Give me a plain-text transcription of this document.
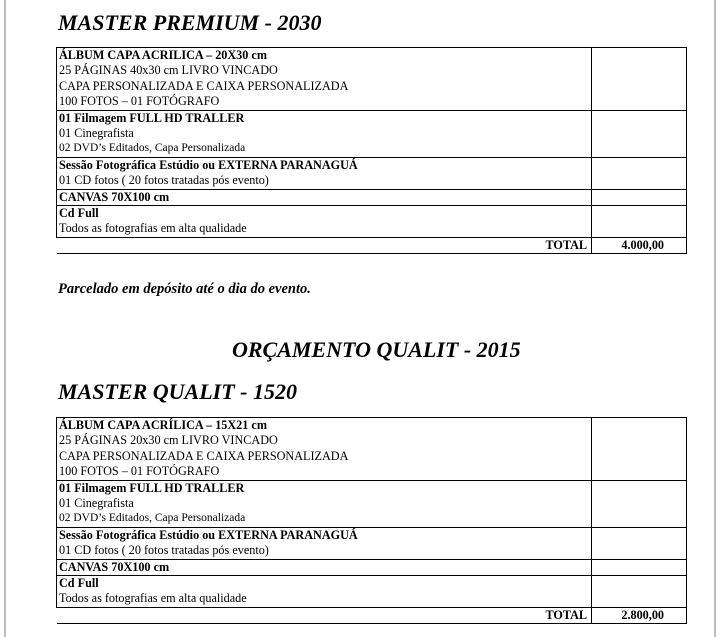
MASTER PREMIUM - 2030
ÁLBUM CAPA ACRILICA – 20X30 cm
25 PÁGINAS 40x30 cm LIVRO VINCADO
CAPA PERSONALIZADA E CAIXA PERSONALIZADA
100 FOTOS – 01 FOTÓGRAFO	

01 Filmagem FULL HD TRALLER
01 Cinegrafista
02 DVD’s Editados, Capa Personalizada	

Sessão Fotográfica Estúdio ou EXTERNA PARANAGUÁ
01 CD fotos ( 20 fotos tratadas pós evento)	

CANVAS 70X100 cm	

Cd Full
Todos as fotografias em alta qualidade	

TOTAL	4.000,00

Parcelado em depósito até o dia do evento.

ORÇAMENTO QUALIT - 2015
MASTER QUALIT - 1520
ÁLBUM CAPA ACRÍLICA – 15X21 cm
25 PÁGINAS 20x30 cm LIVRO VINCADO
CAPA PERSONALIZADA E CAIXA PERSONALIZADA
100 FOTOS – 01 FOTÓGRAFO	

01 Filmagem FULL HD TRALLER
01 Cinegrafista
02 DVD’s Editados, Capa Personalizada	

Sessão Fotográfica Estúdio ou EXTERNA PARANAGUÁ
01 CD fotos ( 20 fotos tratadas pós evento)	

CANVAS 70X100 cm	

Cd Full
Todos as fotografias em alta qualidade	

TOTAL	2.800,00
